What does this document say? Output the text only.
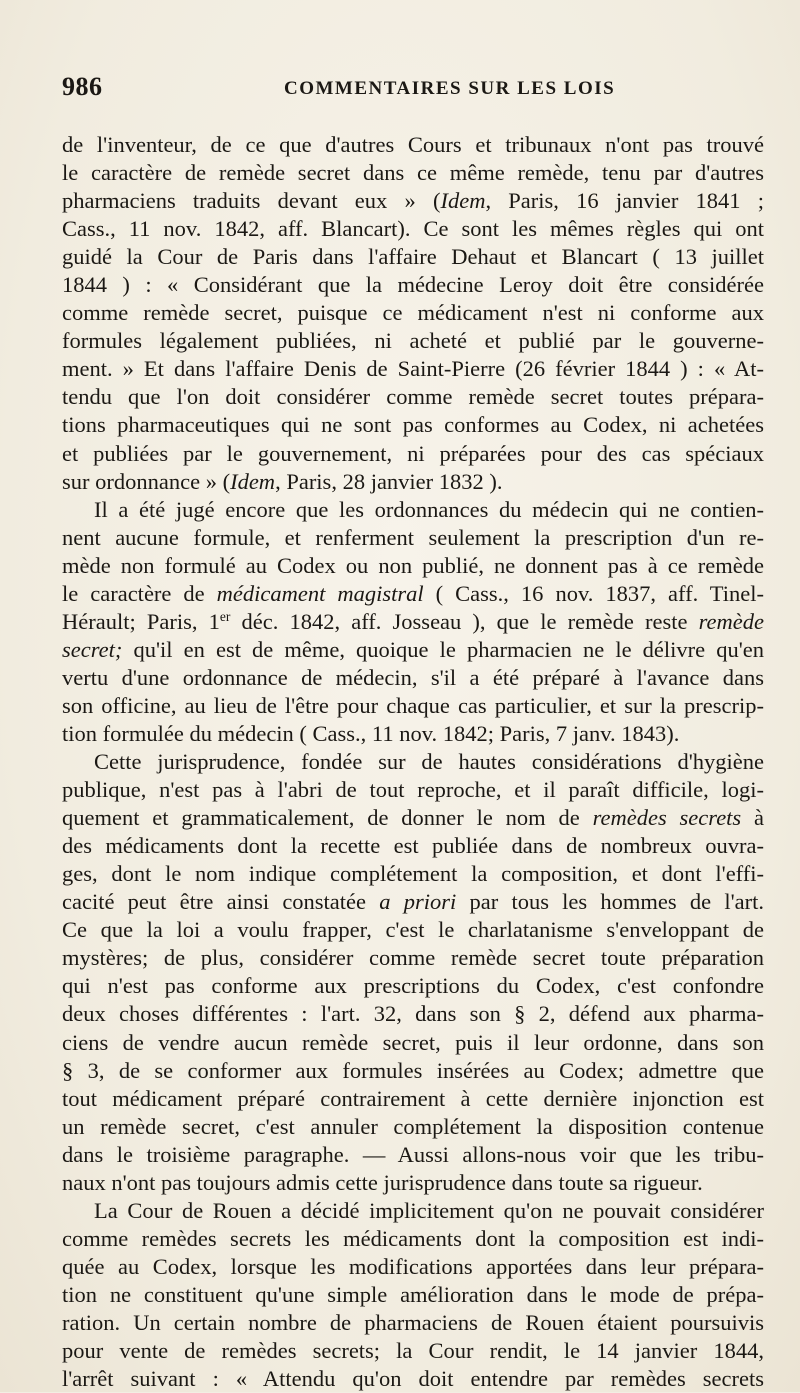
986	COMMENTAIRES SUR LES LOIS
de l'inventeur, de ce que d'autres Cours et tribunaux n'ont pas trouvé
le caractère de remède secret dans ce même remède, tenu par d'autres
pharmaciens traduits devant eux » (Idem, Paris, 16 janvier 1841 ;
Cass., 11 nov. 1842, aff. Blancart). Ce sont les mêmes règles qui ont
guidé la Cour de Paris dans l'affaire Dehaut et Blancart ( 13 juillet
1844 ) : « Considérant que la médecine Leroy doit être considérée
comme remède secret, puisque ce médicament n'est ni conforme aux
formules légalement publiées, ni acheté et publié par le gouverne-
ment. » Et dans l'affaire Denis de Saint-Pierre (26 février 1844 ) : « At-
tendu que l'on doit considérer comme remède secret toutes prépara-
tions pharmaceutiques qui ne sont pas conformes au Codex, ni achetées
et publiées par le gouvernement, ni préparées pour des cas spéciaux
sur ordonnance » (Idem, Paris, 28 janvier 1832 ).
Il a été jugé encore que les ordonnances du médecin qui ne contien-
nent aucune formule, et renferment seulement la prescription d'un re-
mède non formulé au Codex ou non publié, ne donnent pas à ce remède
le caractère de médicament magistral ( Cass., 16 nov. 1837, aff. Tinel-
Hérault; Paris, 1er déc. 1842, aff. Josseau ), que le remède reste remède
secret; qu'il en est de même, quoique le pharmacien ne le délivre qu'en
vertu d'une ordonnance de médecin, s'il a été préparé à l'avance dans
son officine, au lieu de l'être pour chaque cas particulier, et sur la prescrip-
tion formulée du médecin ( Cass., 11 nov. 1842; Paris, 7 janv. 1843).
Cette jurisprudence, fondée sur de hautes considérations d'hygiène
publique, n'est pas à l'abri de tout reproche, et il paraît difficile, logi-
quement et grammaticalement, de donner le nom de remèdes secrets à
des médicaments dont la recette est publiée dans de nombreux ouvra-
ges, dont le nom indique complétement la composition, et dont l'effi-
cacité peut être ainsi constatée a priori par tous les hommes de l'art.
Ce que la loi a voulu frapper, c'est le charlatanisme s'enveloppant de
mystères; de plus, considérer comme remède secret toute préparation
qui n'est pas conforme aux prescriptions du Codex, c'est confondre
deux choses différentes : l'art. 32, dans son § 2, défend aux pharma-
ciens de vendre aucun remède secret, puis il leur ordonne, dans son
§ 3, de se conformer aux formules insérées au Codex; admettre que
tout médicament préparé contrairement à cette dernière injonction est
un remède secret, c'est annuler complétement la disposition contenue
dans le troisième paragraphe. — Aussi allons-nous voir que les tribu-
naux n'ont pas toujours admis cette jurisprudence dans toute sa rigueur.
La Cour de Rouen a décidé implicitement qu'on ne pouvait considérer
comme remèdes secrets les médicaments dont la composition est indi-
quée au Codex, lorsque les modifications apportées dans leur prépara-
tion ne constituent qu'une simple amélioration dans le mode de prépa-
ration. Un certain nombre de pharmaciens de Rouen étaient poursuivis
pour vente de remèdes secrets; la Cour rendit, le 14 janvier 1844,
l'arrêt suivant : « Attendu qu'on doit entendre par remèdes secrets
